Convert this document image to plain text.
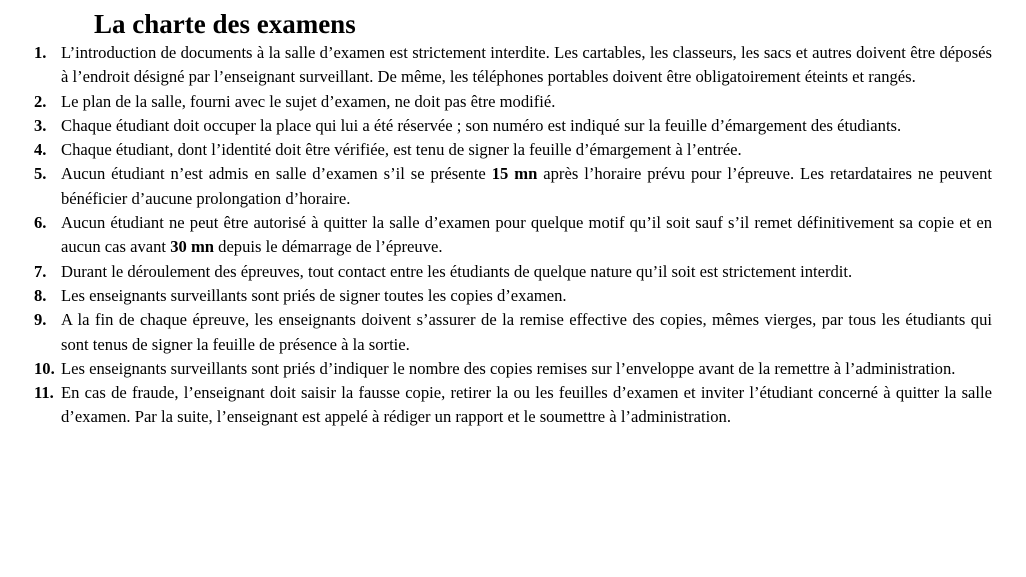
La charte des examens
1. L’introduction de documents à la salle d’examen est strictement interdite. Les cartables, les classeurs, les sacs et autres doivent être déposés à l’endroit désigné par l’enseignant surveillant. De même, les téléphones portables doivent être obligatoirement éteints et rangés.
2. Le plan de la salle, fourni avec le sujet d’examen, ne doit pas être modifié.
3. Chaque étudiant doit occuper la place qui lui a été réservée ; son numéro est indiqué sur la feuille d’émargement des étudiants.
4. Chaque étudiant, dont l’identité doit être vérifiée, est tenu de signer la feuille d’émargement à l’entrée.
5. Aucun étudiant n’est admis en salle d’examen s’il se présente 15 mn après l’horaire prévu pour l’épreuve. Les retardataires ne peuvent bénéficier d’aucune prolongation d’horaire.
6. Aucun étudiant ne peut être autorisé à quitter la salle d’examen pour quelque motif qu’il soit sauf s’il remet définitivement sa copie et en aucun cas avant 30 mn depuis le démarrage de l’épreuve.
7. Durant le déroulement des épreuves, tout contact entre les étudiants de quelque nature qu’il soit est strictement interdit.
8. Les enseignants surveillants sont priés de signer toutes les copies d’examen.
9. A la fin de chaque épreuve, les enseignants doivent s’assurer de la remise effective des copies, mêmes vierges, par tous les étudiants qui sont tenus de signer la feuille de présence à la sortie.
10. Les enseignants surveillants sont priés d’indiquer le nombre des copies remises sur l’enveloppe avant de la remettre à l’administration.
11. En cas de fraude, l’enseignant doit saisir la fausse copie, retirer la ou les feuilles d’examen et inviter l’étudiant concerné à quitter la salle d’examen. Par la suite, l’enseignant est appelé à rédiger un rapport et le soumettre à l’administration.
